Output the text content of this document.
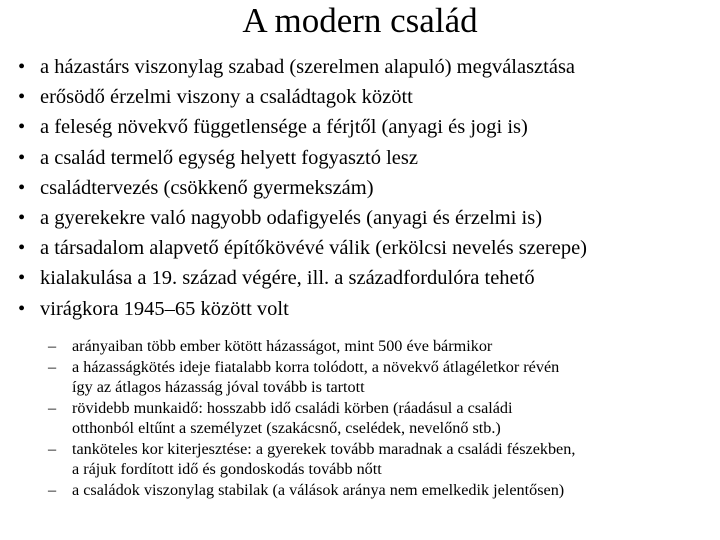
A modern család
• a házastárs viszonylag szabad (szerelmen alapuló) megválasztása
• erősödő érzelmi viszony a családtagok között
• a feleség növekvő függetlensége a férjtől (anyagi és jogi is)
• a család termelő egység helyett fogyasztó lesz
• családtervezés (csökkenő gyermekszám)
• a gyerekekre való nagyobb odafigyelés (anyagi és érzelmi is)
• a társadalom alapvető építőkövévé válik (erkölcsi nevelés szerepe)
• kialakulása a 19. század végére, ill. a századfordulóra tehető
• virágkora 1945–65 között volt
– arányaiban több ember kötött házasságot, mint 500 éve bármikor
– a házasságkötés ideje fiatalabb korra tolódott, a növekvő átlagéletkor révén
így az átlagos házasság jóval tovább is tartott
– rövidebb munkaidő: hosszabb idő családi körben (ráadásul a családi
otthonból eltűnt a személyzet (szakácsnő, cselédek, nevelőnő stb.)
– tanköteles kor kiterjesztése: a gyerekek tovább maradnak a családi fészekben,
a rájuk fordított idő és gondoskodás tovább nőtt
– a családok viszonylag stabilak (a válások aránya nem emelkedik jelentősen)
